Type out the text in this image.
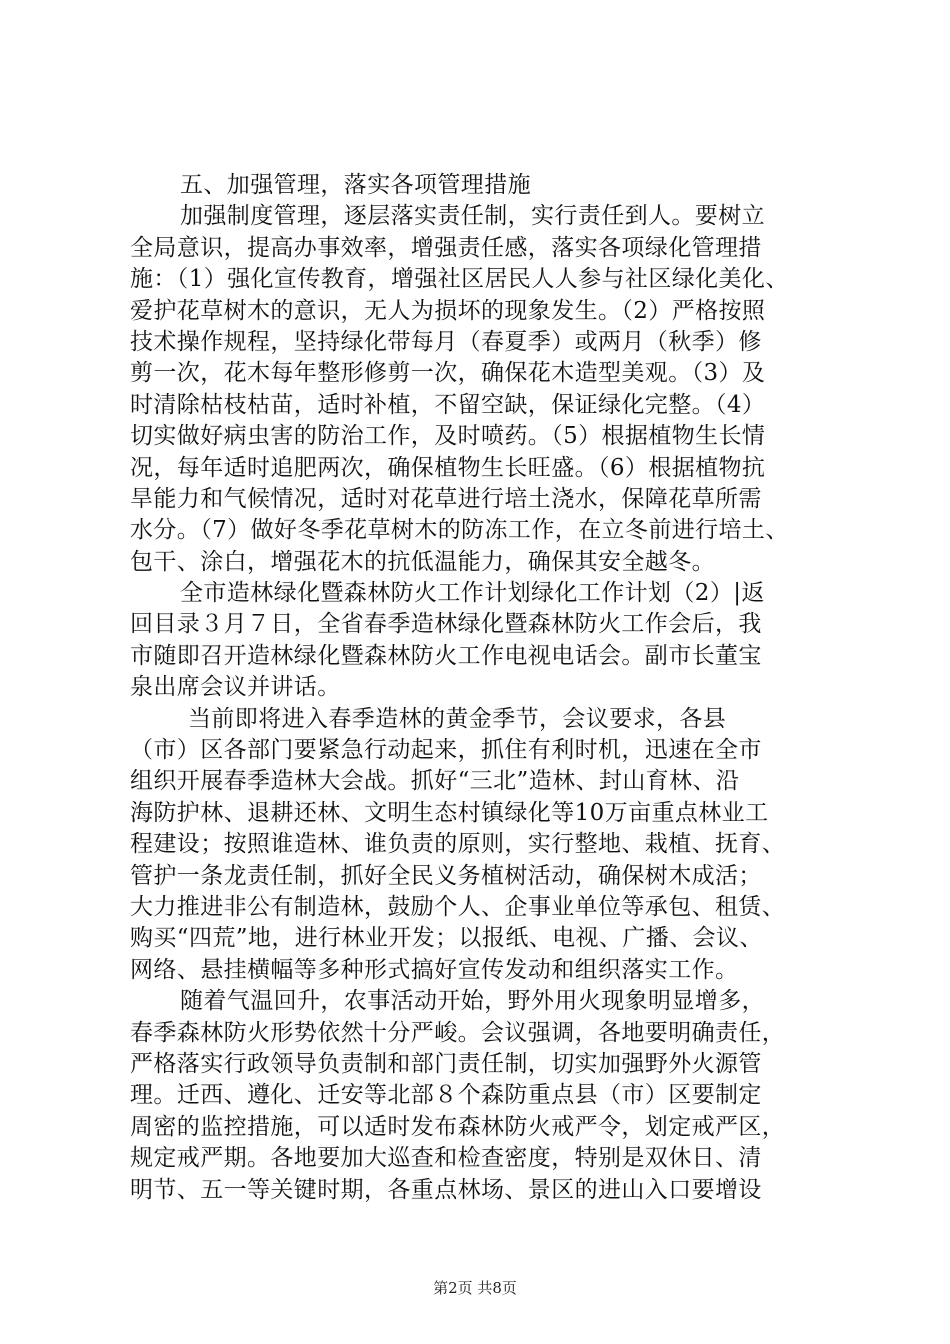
五、加强管理，落实各项管理措施
加强制度管理，逐层落实责任制，实行责任到人。要树立
全局意识，提高办事效率，增强责任感，落实各项绿化管理措
施：（1）强化宣传教育，增强社区居民人人参与社区绿化美化、
爱护花草树木的意识，无人为损坏的现象发生。（2）严格按照
技术操作规程，坚持绿化带每月（春夏季）或两月（秋季）修
剪一次，花木每年整形修剪一次，确保花木造型美观。（3）及
时清除枯枝枯苗，适时补植，不留空缺，保证绿化完整。（4）
切实做好病虫害的防治工作，及时喷药。（5）根据植物生长情
况，每年适时追肥两次，确保植物生长旺盛。（6）根据植物抗
旱能力和气候情况，适时对花草进行培土浇水，保障花草所需
水分。（7）做好冬季花草树木的防冻工作，在立冬前进行培土、
包干、涂白，增强花木的抗低温能力，确保其安全越冬。
全市造林绿化暨森林防火工作计划绿化工作计划（2）|返
回目录３月７日，全省春季造林绿化暨森林防火工作会后，我
市随即召开造林绿化暨森林防火工作电视电话会。副市长董宝
泉出席会议并讲话。
当前即将进入春季造林的黄金季节，会议要求，各县
（市）区各部门要紧急行动起来，抓住有利时机，迅速在全市
组织开展春季造林大会战。抓好“三北”造林、封山育林、沿
海防护林、退耕还林、文明生态村镇绿化等10万亩重点林业工
程建设；按照谁造林、谁负责的原则，实行整地、栽植、抚育、
管护一条龙责任制，抓好全民义务植树活动，确保树木成活；
大力推进非公有制造林，鼓励个人、企事业单位等承包、租赁、
购买“四荒”地，进行林业开发；以报纸、电视、广播、会议、
网络、悬挂横幅等多种形式搞好宣传发动和组织落实工作。
随着气温回升，农事活动开始，野外用火现象明显增多，
春季森林防火形势依然十分严峻。会议强调，各地要明确责任，
严格落实行政领导负责制和部门责任制，切实加强野外火源管
理。迁西、遵化、迁安等北部８个森防重点县（市）区要制定
周密的监控措施，可以适时发布森林防火戒严令，划定戒严区，
规定戒严期。各地要加大巡查和检查密度，特别是双休日、清
明节、五一等关键时期，各重点林场、景区的进山入口要增设
第2页 共8页
